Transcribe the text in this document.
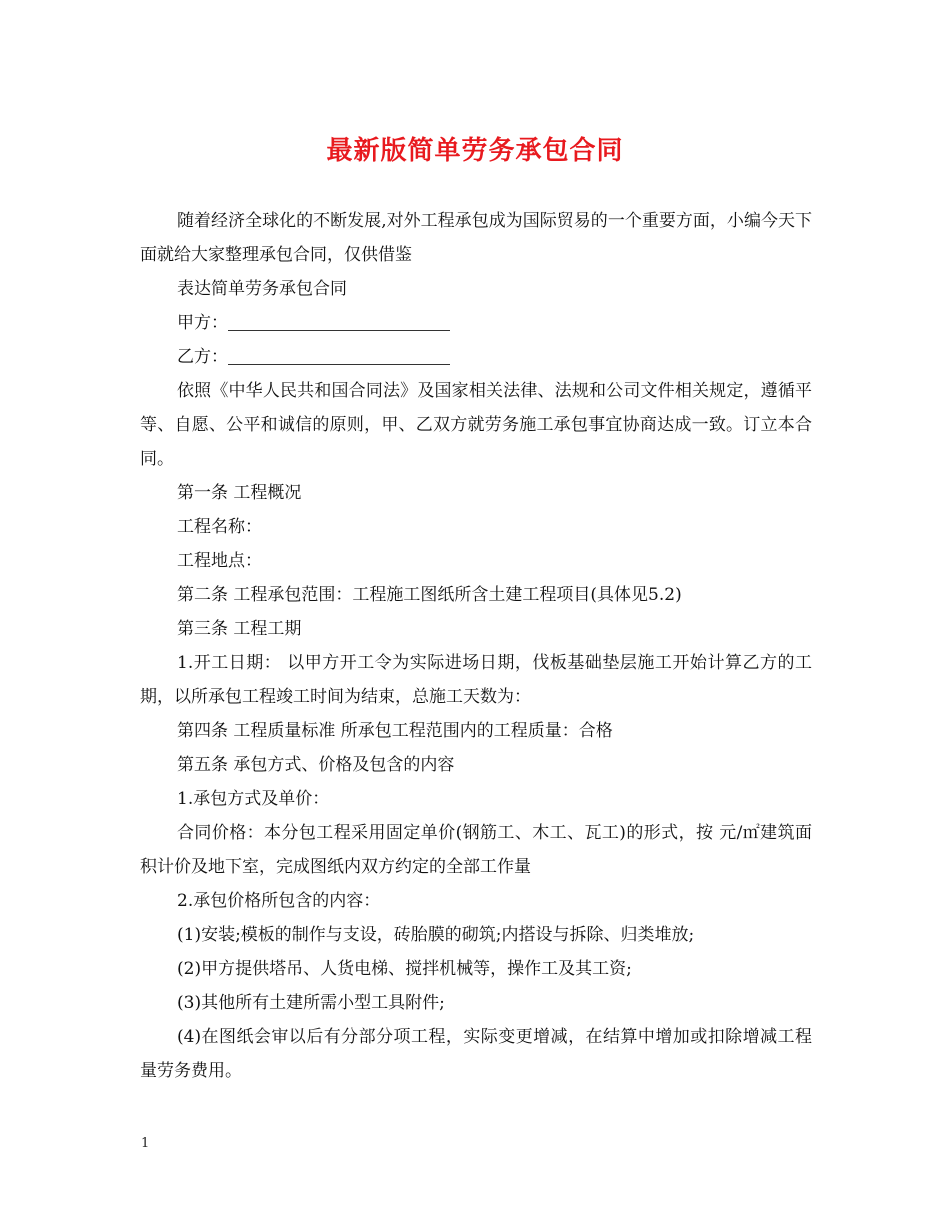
最新版简单劳务承包合同

随着经济全球化的不断发展,对外工程承包成为国际贸易的一个重要方面，小编今天下面就给大家整理承包合同，仅供借鉴

表达简单劳务承包合同

甲方：

乙方：

依照《中华人民共和国合同法》及国家相关法律、法规和公司文件相关规定，遵循平等、自愿、公平和诚信的原则，甲、乙双方就劳务施工承包事宜协商达成一致。订立本合同。

第一条 工程概况

工程名称：

工程地点：

第二条 工程承包范围：工程施工图纸所含土建工程项目(具体见5.2)

第三条 工程工期

1.开工日期： 以甲方开工令为实际进场日期，伐板基础垫层施工开始计算乙方的工期，以所承包工程竣工时间为结束，总施工天数为：

第四条 工程质量标准 所承包工程范围内的工程质量：合格

第五条 承包方式、价格及包含的内容

1.承包方式及单价：

合同价格：本分包工程采用固定单价(钢筋工、木工、瓦工)的形式，按 元/㎡建筑面积计价及地下室，完成图纸内双方约定的全部工作量

2.承包价格所包含的内容：

(1)安装;模板的制作与支设，砖胎膜的砌筑;内搭设与拆除、归类堆放;

(2)甲方提供塔吊、人货电梯、搅拌机械等，操作工及其工资;

(3)其他所有土建所需小型工具附件;

(4)在图纸会审以后有分部分项工程，实际变更增减，在结算中增加或扣除增减工程量劳务费用。

1
